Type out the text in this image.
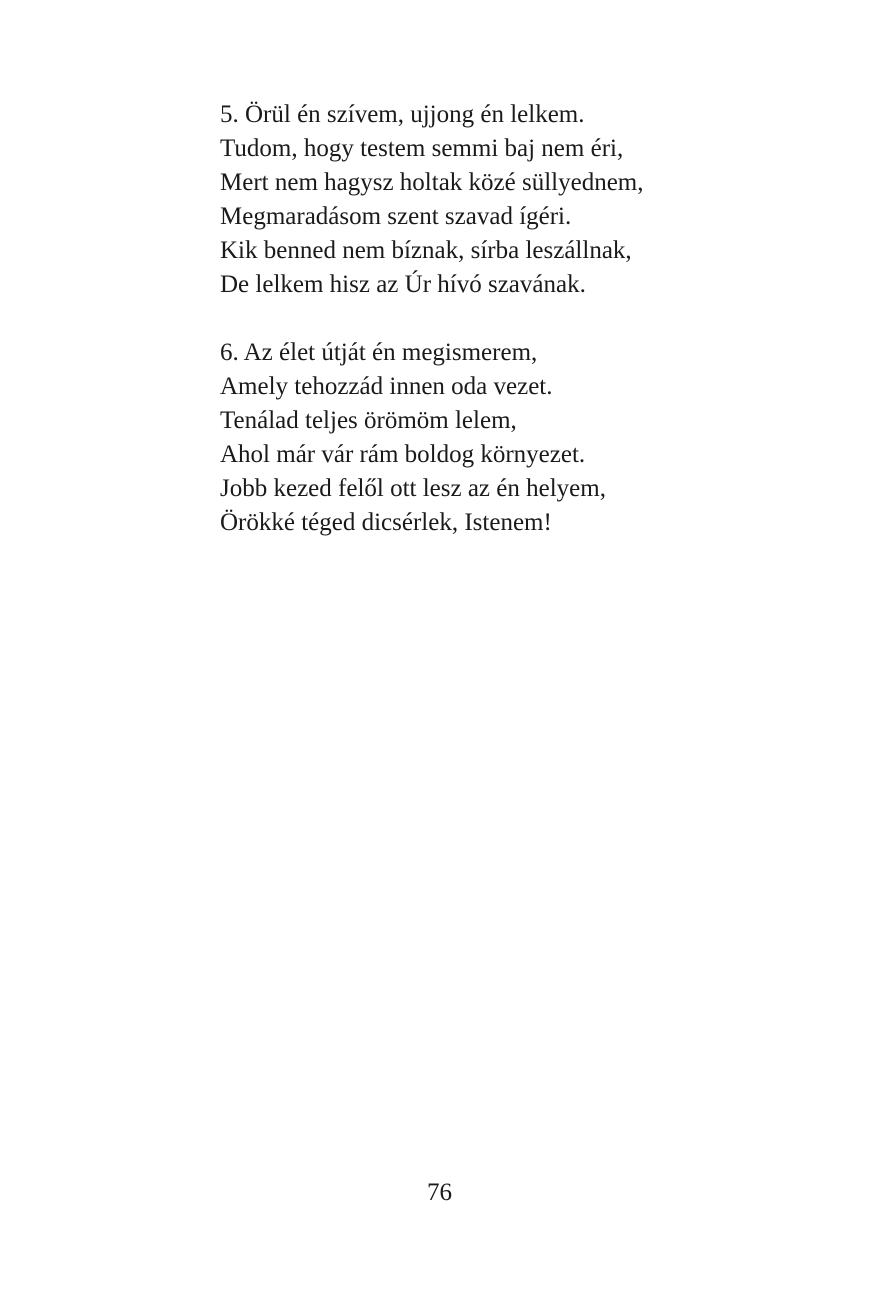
5. Örül én szívem, ujjong én lelkem.
Tudom, hogy testem semmi baj nem éri,
Mert nem hagysz holtak közé süllyednem,
Megmaradásom szent szavad ígéri.
Kik benned nem bíznak, sírba leszállnak,
De lelkem hisz az Úr hívó szavának.
6. Az élet útját én megismerem,
Amely tehozzád innen oda vezet.
Tenálad teljes örömöm lelem,
Ahol már vár rám boldog környezet.
Jobb kezed felől ott lesz az én helyem,
Örökké téged dicsérlek, Istenem!
76
